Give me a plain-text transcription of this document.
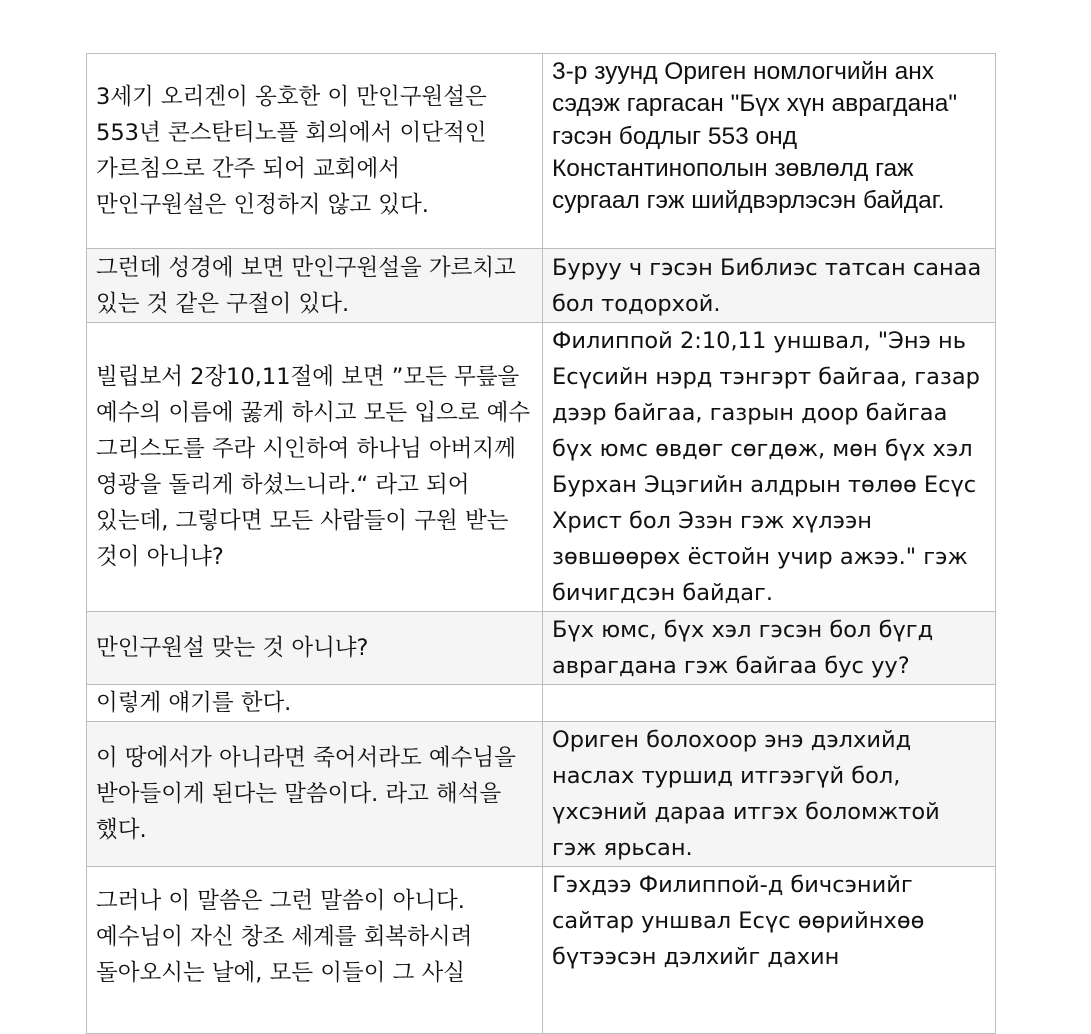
3세기 오리겐이 옹호한 이 만인구원설은 553년 콘스탄티노플 회의에서 이단적인 가르침으로 간주 되어 교회에서 만인구원설은 인정하지 않고 있다.	3-р зуунд Ориген номлогчийн анх сэдэж гаргасан "Бүх хүн аврагдана" гэсэн бодлыг 553 онд Константинополын зөвлөлд гаж сургаал гэж шийдвэрлэсэн байдаг.
그런데 성경에 보면 만인구원설을 가르치고 있는 것 같은 구절이 있다.	Буруу ч гэсэн Библиэс татсан санаа бол тодорхой.
빌립보서 2장10,11절에 보면 ”모든 무릎을 예수의 이름에 꿇게 하시고 모든 입으로 예수 그리스도를 주라 시인하여 하나님 아버지께 영광을 돌리게 하셨느니라.“ 라고 되어 있는데, 그렇다면 모든 사람들이 구원 받는 것이 아니냐?	Филиппой 2:10,11 уншвал, "Энэ нь Есүсийн нэрд тэнгэрт байгаа, газар дээр байгаа, газрын доор байгаа бүх юмс өвдөг сөгдөж, мөн бүх хэл Бурхан Эцэгийн алдрын төлөө Есүс Христ бол Эзэн гэж хүлээн зөвшөөрөх ёстойн учир ажээ." гэж бичигдсэн байдаг.
만인구원설 맞는 것 아니냐?	Бүх юмс, бүх хэл гэсэн бол бүгд аврагдана гэж байгаа бус уу?
이렇게 얘기를 한다.	
이 땅에서가 아니라면 죽어서라도 예수님을 받아들이게 된다는 말씀이다. 라고 해석을 했다.	Ориген болохоор энэ дэлхийд наслах туршид итгээгүй бол, үхсэний дараа итгэх боломжтой гэж ярьсан.
그러나 이 말씀은 그런 말씀이 아니다. 예수님이 자신 창조 세계를 회복하시려 돌아오시는 날에, 모든 이들이 그 사실	Гэхдээ Филиппой-д бичсэнийг сайтар уншвал Есүс өөрийнхөө бүтээсэн дэлхийг дахин
